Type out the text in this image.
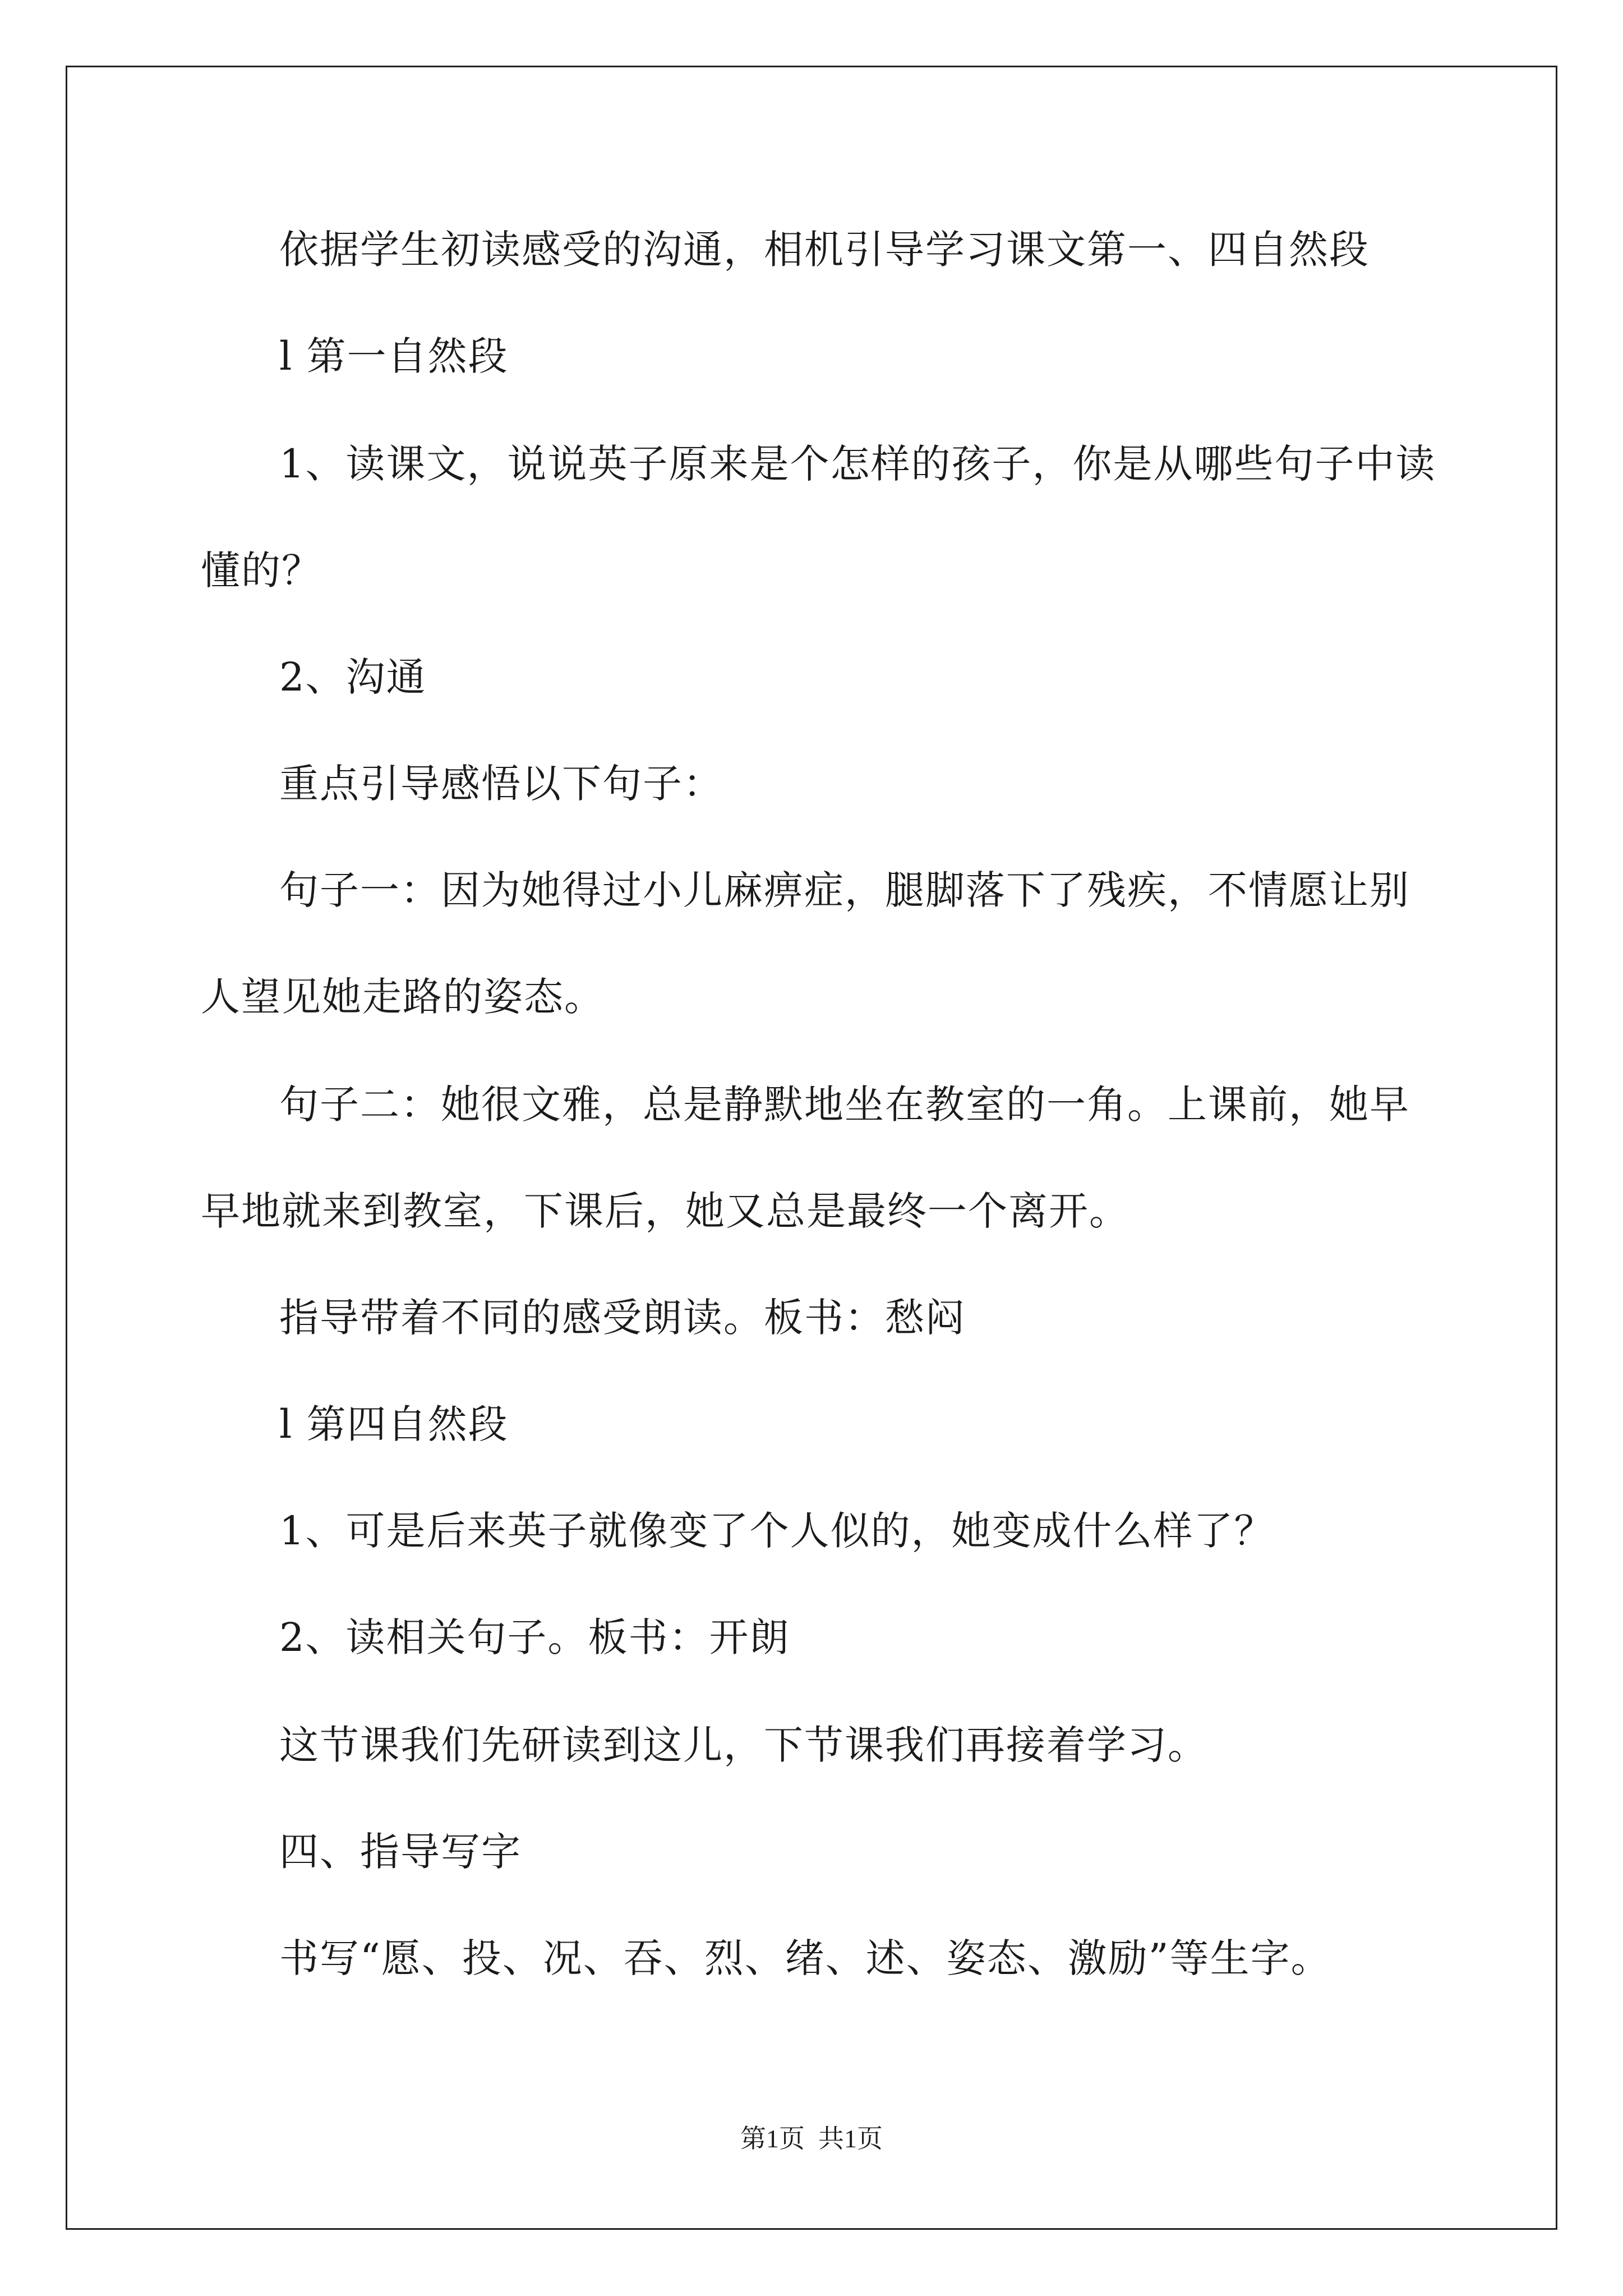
依据学生初读感受的沟通，相机引导学习课文第一、四自然段
l 第一自然段
1、读课文，说说英子原来是个怎样的孩子，你是从哪些句子中读
懂的？
2、沟通
重点引导感悟以下句子：
句子一：因为她得过小儿麻痹症，腿脚落下了残疾，不情愿让别
人望见她走路的姿态。
句子二：她很文雅，总是静默地坐在教室的一角。上课前，她早
早地就来到教室，下课后，她又总是最终一个离开。
指导带着不同的感受朗读。板书：愁闷
l 第四自然段
1、可是后来英子就像变了个人似的，她变成什么样了？
2、读相关句子。板书：开朗
这节课我们先研读到这儿，下节课我们再接着学习。
四、指导写字
书写“愿、投、况、吞、烈、绪、述、姿态、激励”等生字。
第1页 共1页
